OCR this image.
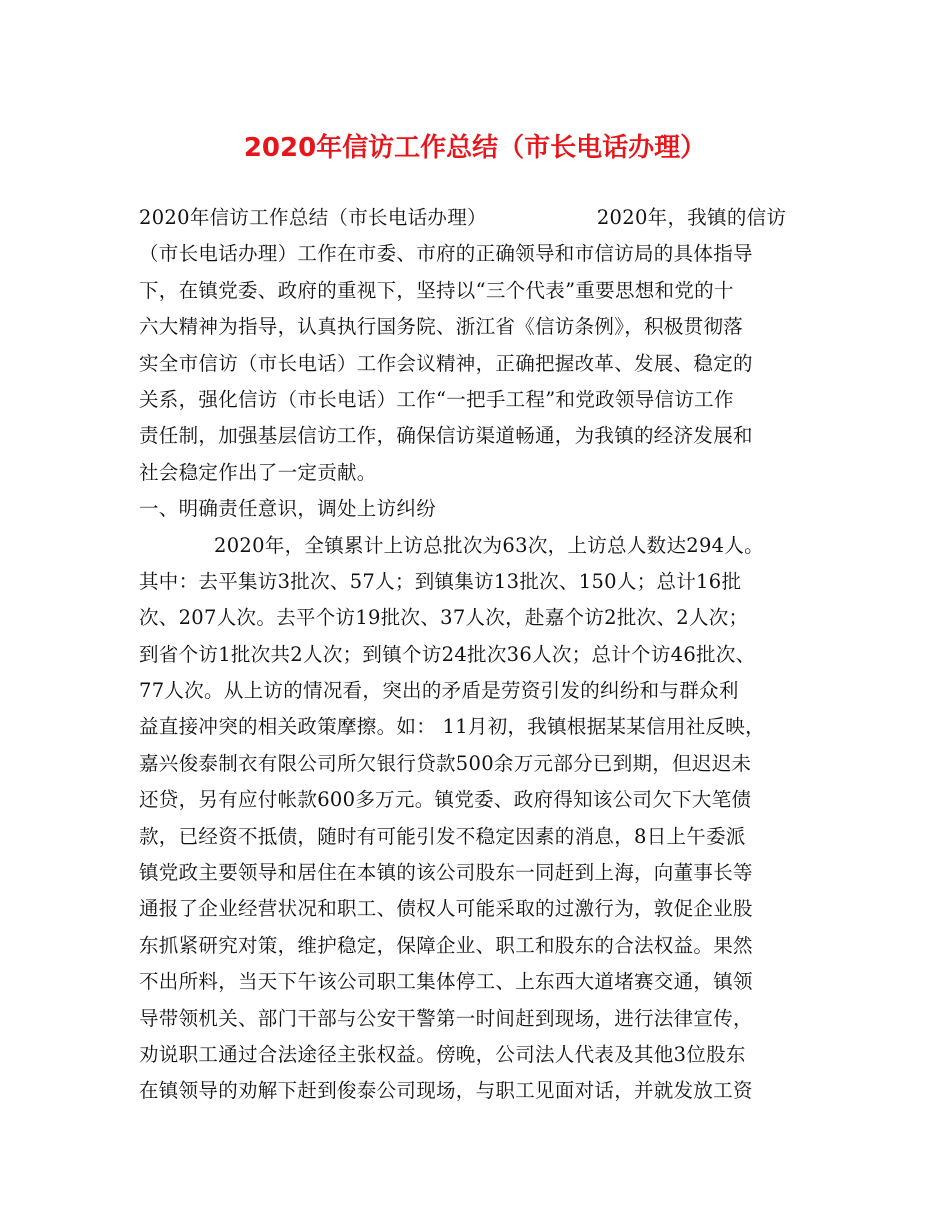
2020年信访工作总结（市长电话办理）
2020年信访工作总结（市长电话办理）	2020年，我镇的信访
（市长电话办理）工作在市委、市府的正确领导和市信访局的具体指导
下，在镇党委、政府的重视下，坚持以“三个代表”重要思想和党的十
六大精神为指导，认真执行国务院、浙江省《信访条例》，积极贯彻落
实全市信访（市长电话）工作会议精神，正确把握改革、发展、稳定的
关系，强化信访（市长电话）工作“一把手工程”和党政领导信访工作
责任制，加强基层信访工作，确保信访渠道畅通，为我镇的经济发展和
社会稳定作出了一定贡献。
一、明确责任意识，调处上访纠纷
2020年，全镇累计上访总批次为63次，上访总人数达294人。
其中：去平集访3批次、57人；到镇集访13批次、150人；总计16批
次、207人次。去平个访19批次、37人次，赴嘉个访2批次、2人次；
到省个访1批次共2人次；到镇个访24批次36人次；总计个访46批次、
77人次。从上访的情况看，突出的矛盾是劳资引发的纠纷和与群众利
益直接冲突的相关政策摩擦。如： 11月初，我镇根据某某信用社反映，
嘉兴俊泰制衣有限公司所欠银行贷款500余万元部分已到期，但迟迟未
还贷，另有应付帐款600多万元。镇党委、政府得知该公司欠下大笔债
款，已经资不抵债，随时有可能引发不稳定因素的消息，8日上午委派
镇党政主要领导和居住在本镇的该公司股东一同赶到上海，向董事长等
通报了企业经营状况和职工、债权人可能采取的过激行为，敦促企业股
东抓紧研究对策，维护稳定，保障企业、职工和股东的合法权益。果然
不出所料，当天下午该公司职工集体停工、上东西大道堵赛交通，镇领
导带领机关、部门干部与公安干警第一时间赶到现场，进行法律宣传，
劝说职工通过合法途径主张权益。傍晚，公司法人代表及其他3位股东
在镇领导的劝解下赶到俊泰公司现场，与职工见面对话，并就发放工资
